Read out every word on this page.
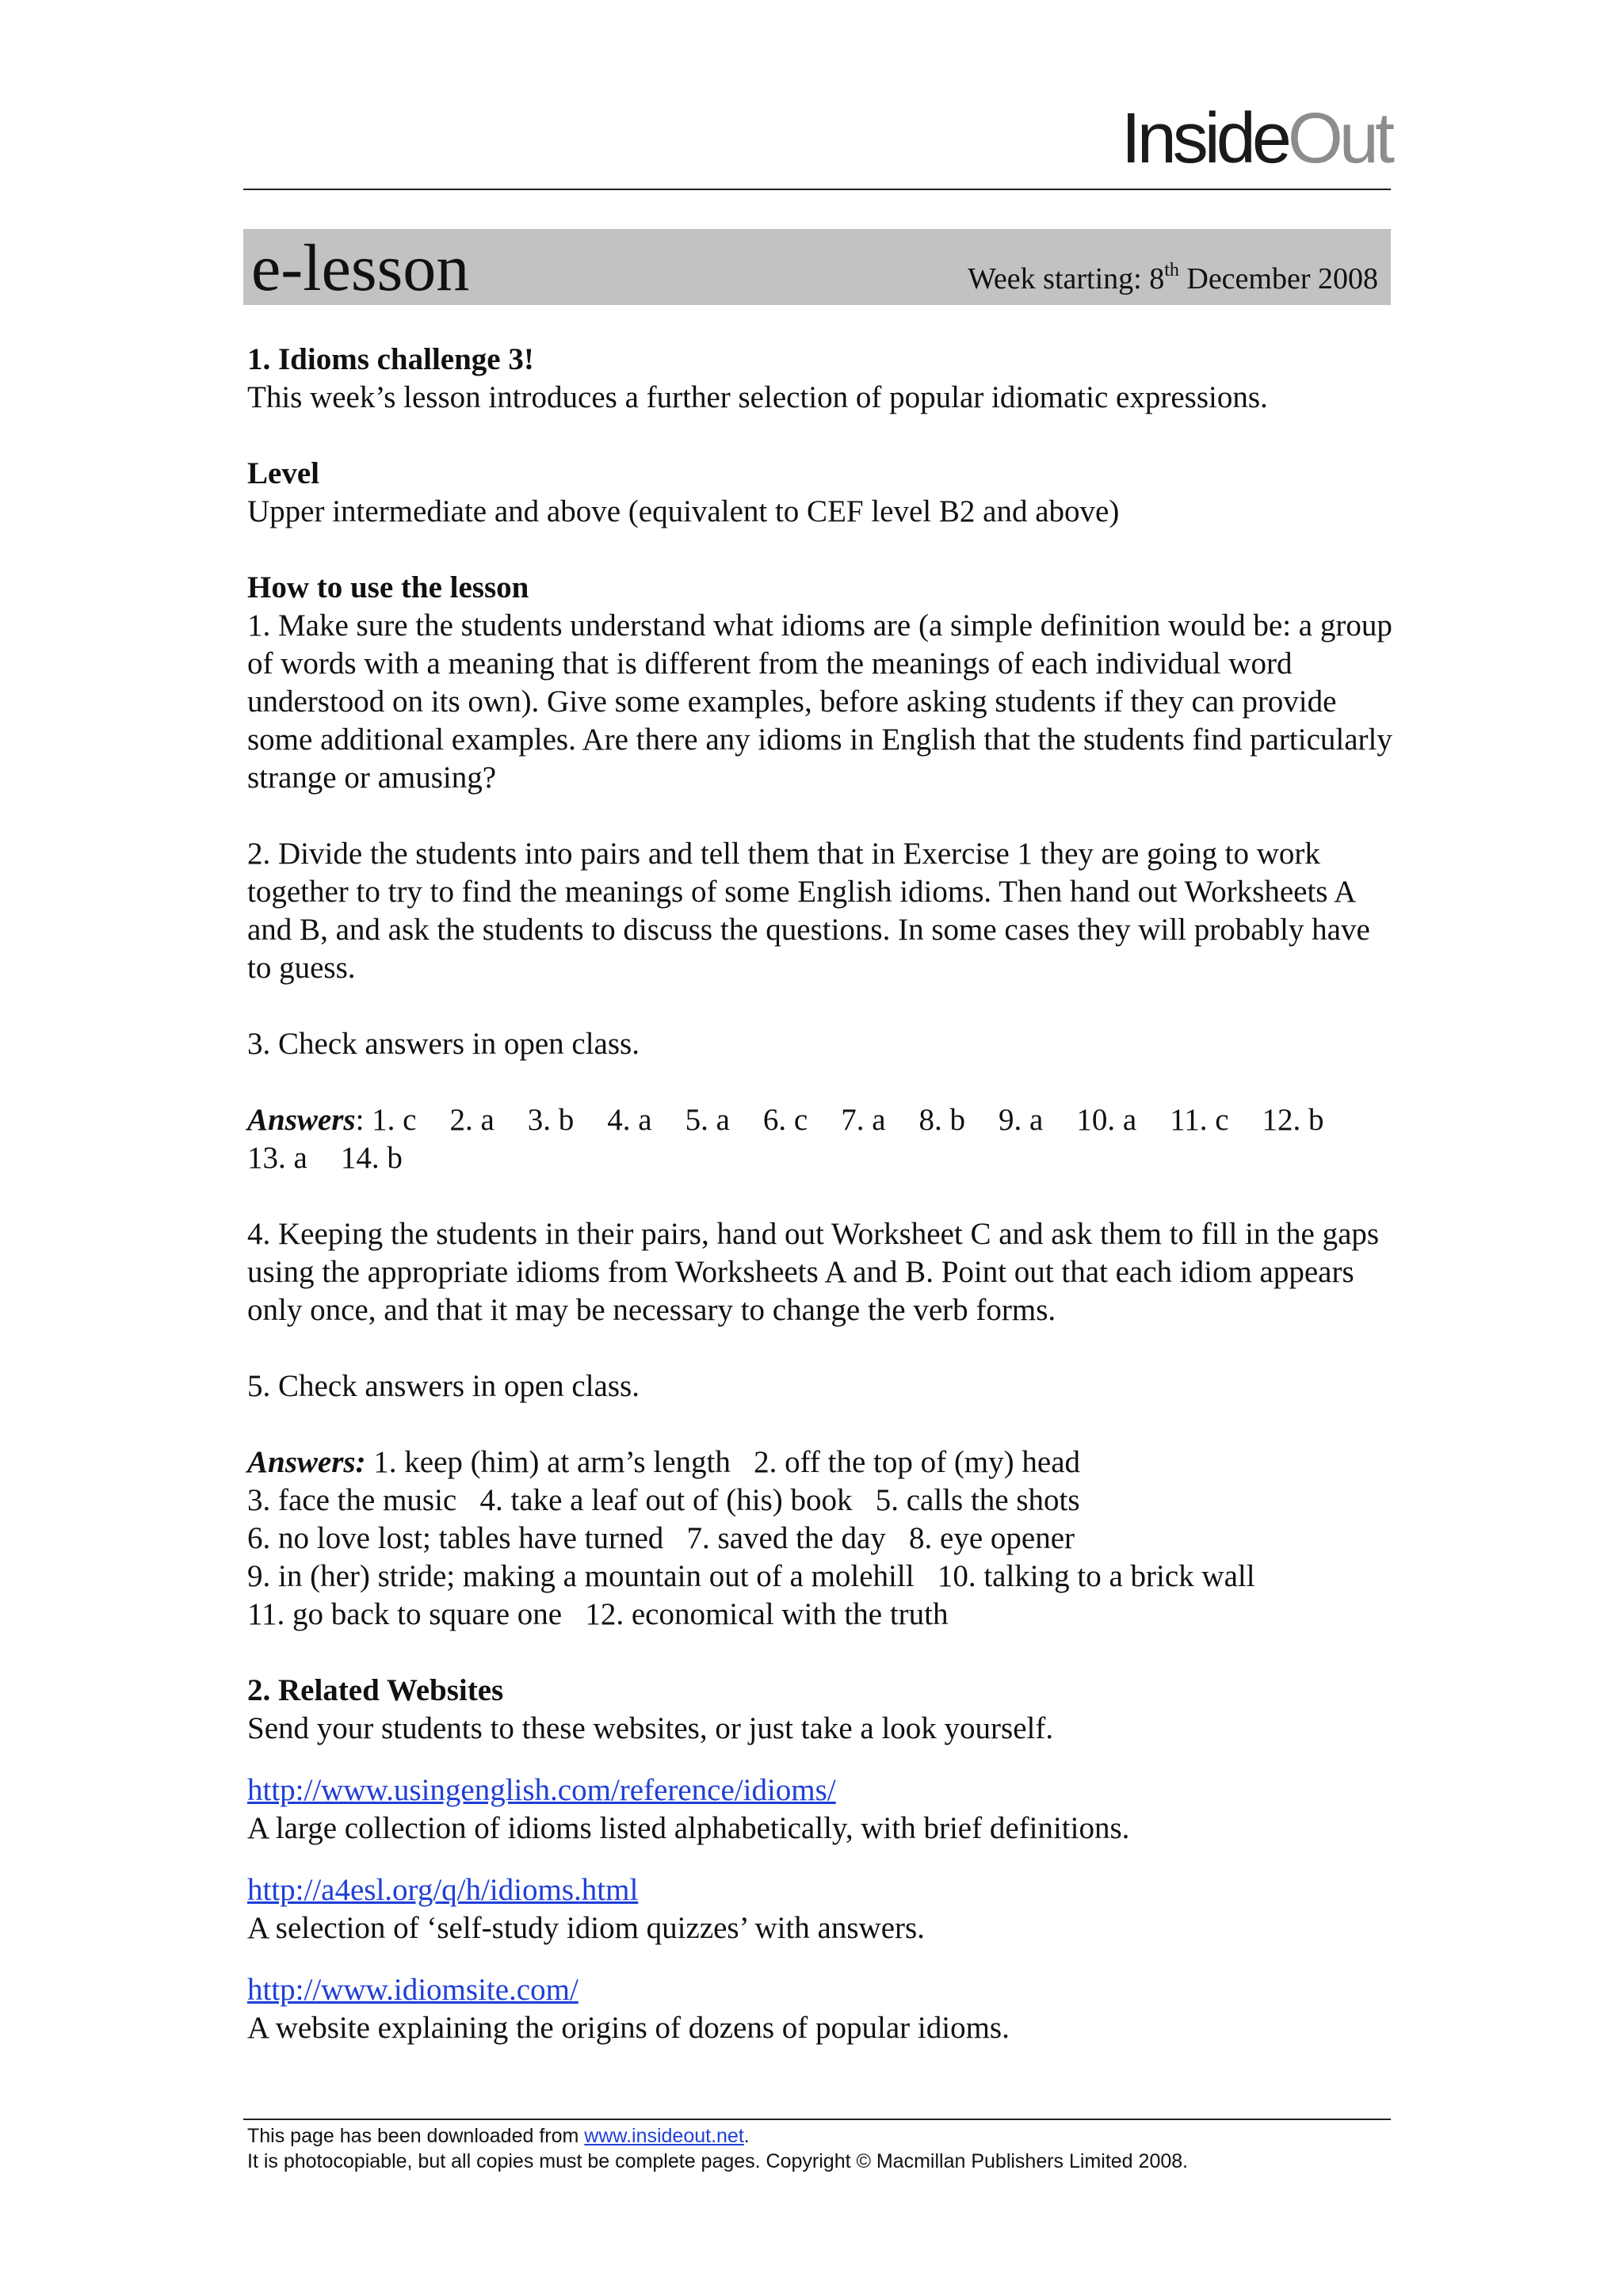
InsideOut
e-lesson	Week starting: 8th December 2008

1. Idioms challenge 3!

This week’s lesson introduces a further selection of popular idiomatic expressions.

Level

Upper intermediate and above (equivalent to CEF level B2 and above)

How to use the lesson

1. Make sure the students understand what idioms are (a simple definition would be: a group of words with a meaning that is different from the meanings of each individual word understood on its own). Give some examples, before asking students if they can provide some additional examples. Are there any idioms in English that the students find particularly strange or amusing?

2. Divide the students into pairs and tell them that in Exercise 1 they are going to work together to try to find the meanings of some English idioms. Then hand out Worksheets A and B, and ask the students to discuss the questions. In some cases they will probably have to guess.

3. Check answers in open class.

Answers: 1. c 2. a 3. b 4. a 5. a 6. c 7. a 8. b 9. a 10. a 11. c 12. b
13. a 14. b

4. Keeping the students in their pairs, hand out Worksheet C and ask them to fill in the gaps using the appropriate idioms from Worksheets A and B. Point out that each idiom appears only once, and that it may be necessary to change the verb forms.

5. Check answers in open class.

Answers: 1. keep (him) at arm’s length   2. off the top of (my) head

3. face the music   4. take a leaf out of (his) book   5. calls the shots

6. no love lost; tables have turned   7. saved the day   8. eye opener

9. in (her) stride; making a mountain out of a molehill   10. talking to a brick wall

11. go back to square one   12. economical with the truth

2. Related Websites

Send your students to these websites, or just take a look yourself.

http://www.usingenglish.com/reference/idioms/

A large collection of idioms listed alphabetically, with brief definitions.

http://a4esl.org/q/h/idioms.html

A selection of ‘self-study idiom quizzes’ with answers.

http://www.idiomsite.com/

A website explaining the origins of dozens of popular idioms.

This page has been downloaded from www.insideout.net.
It is photocopiable, but all copies must be complete pages. Copyright © Macmillan Publishers Limited 2008.
